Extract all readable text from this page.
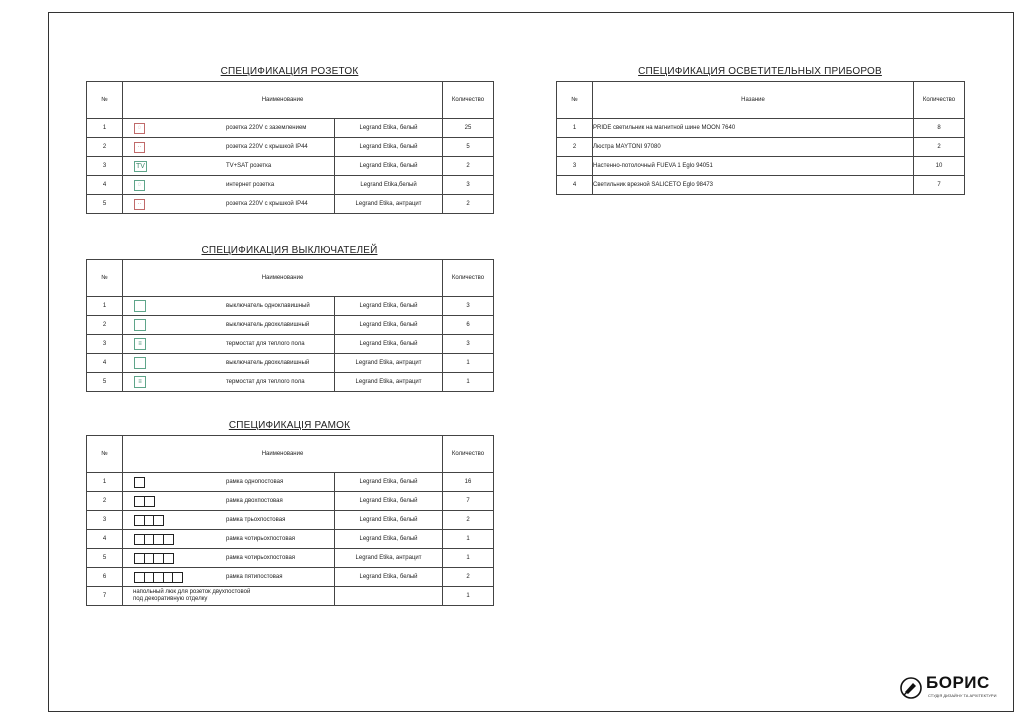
СПЕЦИФИКАЦИЯ РОЗЕТОК
№	Наименование		Количество
1	◌ розетка 220V с заземлением	Legrand Etika, белый	25
2	·· розетка 220V с крышкой IP44	Legrand Etika, белый	5
3	TV TV+SAT розетка	Legrand Etika, белый	2
4	◌ интернет розетка	Legrand Etika,белый	3
5	·· розетка 220V с крышкой IP44	Legrand Etika, антрацит	2
СПЕЦИФИКАЦИЯ ВЫКЛЮЧАТЕЛЕЙ
№	Наименование		Количество
1	выключатель одноклавишный	Legrand Etika, белый	3
2	выключатель двохклавишный	Legrand Etika, белый	6
3	≡ термостат для теплого пола	Legrand Etika, белый	3
4	выключатель двохклавишный	Legrand Etika, антрацит	1
5	≡ термостат для теплого пола	Legrand Etika, антрацит	1
СПЕЦИФИКАЦІЯ РАМОК
№	Наименование		Количество
1	рамка однопостовая	Legrand Etika, белый	16
2	рамка двохпостовая	Legrand Etika, белый	7
3	рамка трьохпостовая	Legrand Etika, белый	2
4	рамка чотирьохпостовая	Legrand Etika, белый	1
5	рамка чотирьохпостовая	Legrand Etika, антрацит	1
6	рамка пятипостовая	Legrand Etika, белый	2
7	напольный люк для розеток двухпостовой
под декоративную отделку		1
СПЕЦИФИКАЦИЯ ОСВЕТИТЕЛЬНЫХ ПРИБОРОВ
№	Назание	Количество
1	PRIDE светильник на магнитной шине MOON 7640	8
2	Люстра MAYTONI 97080	2
3	Настенно-потолочный FUEVA 1 Eglo 94051	10
4	Светильник врезной SALICETO Eglo 98473	7
БОРИС
СТУДІЯ ДИЗАЙНУ ТА АРХІТЕКТУРИ
